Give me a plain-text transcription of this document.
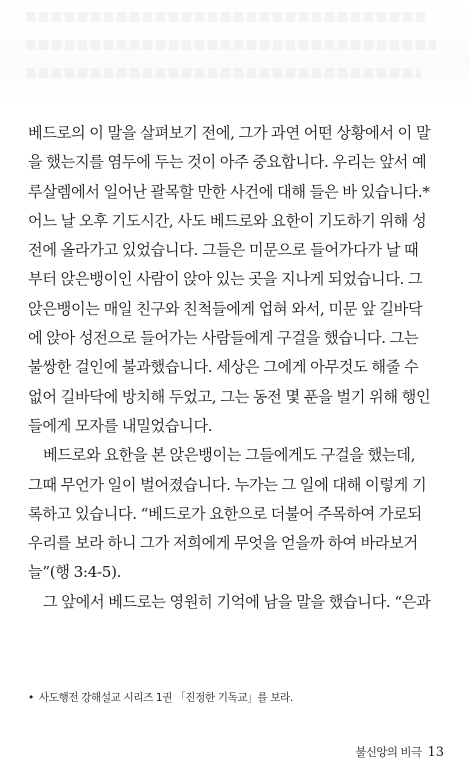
베드로의 이 말을 살펴보기 전에, 그가 과연 어떤 상황에서 이 말
을 했는지를 염두에 두는 것이 아주 중요합니다. 우리는 앞서 예
루살렘에서 일어난 괄목할 만한 사건에 대해 들은 바 있습니다.*
어느 날 오후 기도시간, 사도 베드로와 요한이 기도하기 위해 성
전에 올라가고 있었습니다. 그들은 미문으로 들어가다가 날 때
부터 앉은뱅이인 사람이 앉아 있는 곳을 지나게 되었습니다. 그
앉은뱅이는 매일 친구와 친척들에게 업혀 와서, 미문 앞 길바닥
에 앉아 성전으로 들어가는 사람들에게 구걸을 했습니다. 그는
불쌍한 걸인에 불과했습니다. 세상은 그에게 아무것도 해줄 수
없어 길바닥에 방치해 두었고, 그는 동전 몇 푼을 벌기 위해 행인
들에게 모자를 내밀었습니다.
베드로와 요한을 본 앉은뱅이는 그들에게도 구걸을 했는데,
그때 무언가 일이 벌어졌습니다. 누가는 그 일에 대해 이렇게 기
록하고 있습니다. “베드로가 요한으로 더불어 주목하여 가로되
우리를 보라 하니 그가 저희에게 무엇을 얻을까 하여 바라보거
늘”(행 3:4-5).
그 앞에서 베드로는 영원히 기억에 남을 말을 했습니다. “은과
• 사도행전 강해설교 시리즈 1권 「진정한 기독교」를 보라.
불신앙의 비극 13
